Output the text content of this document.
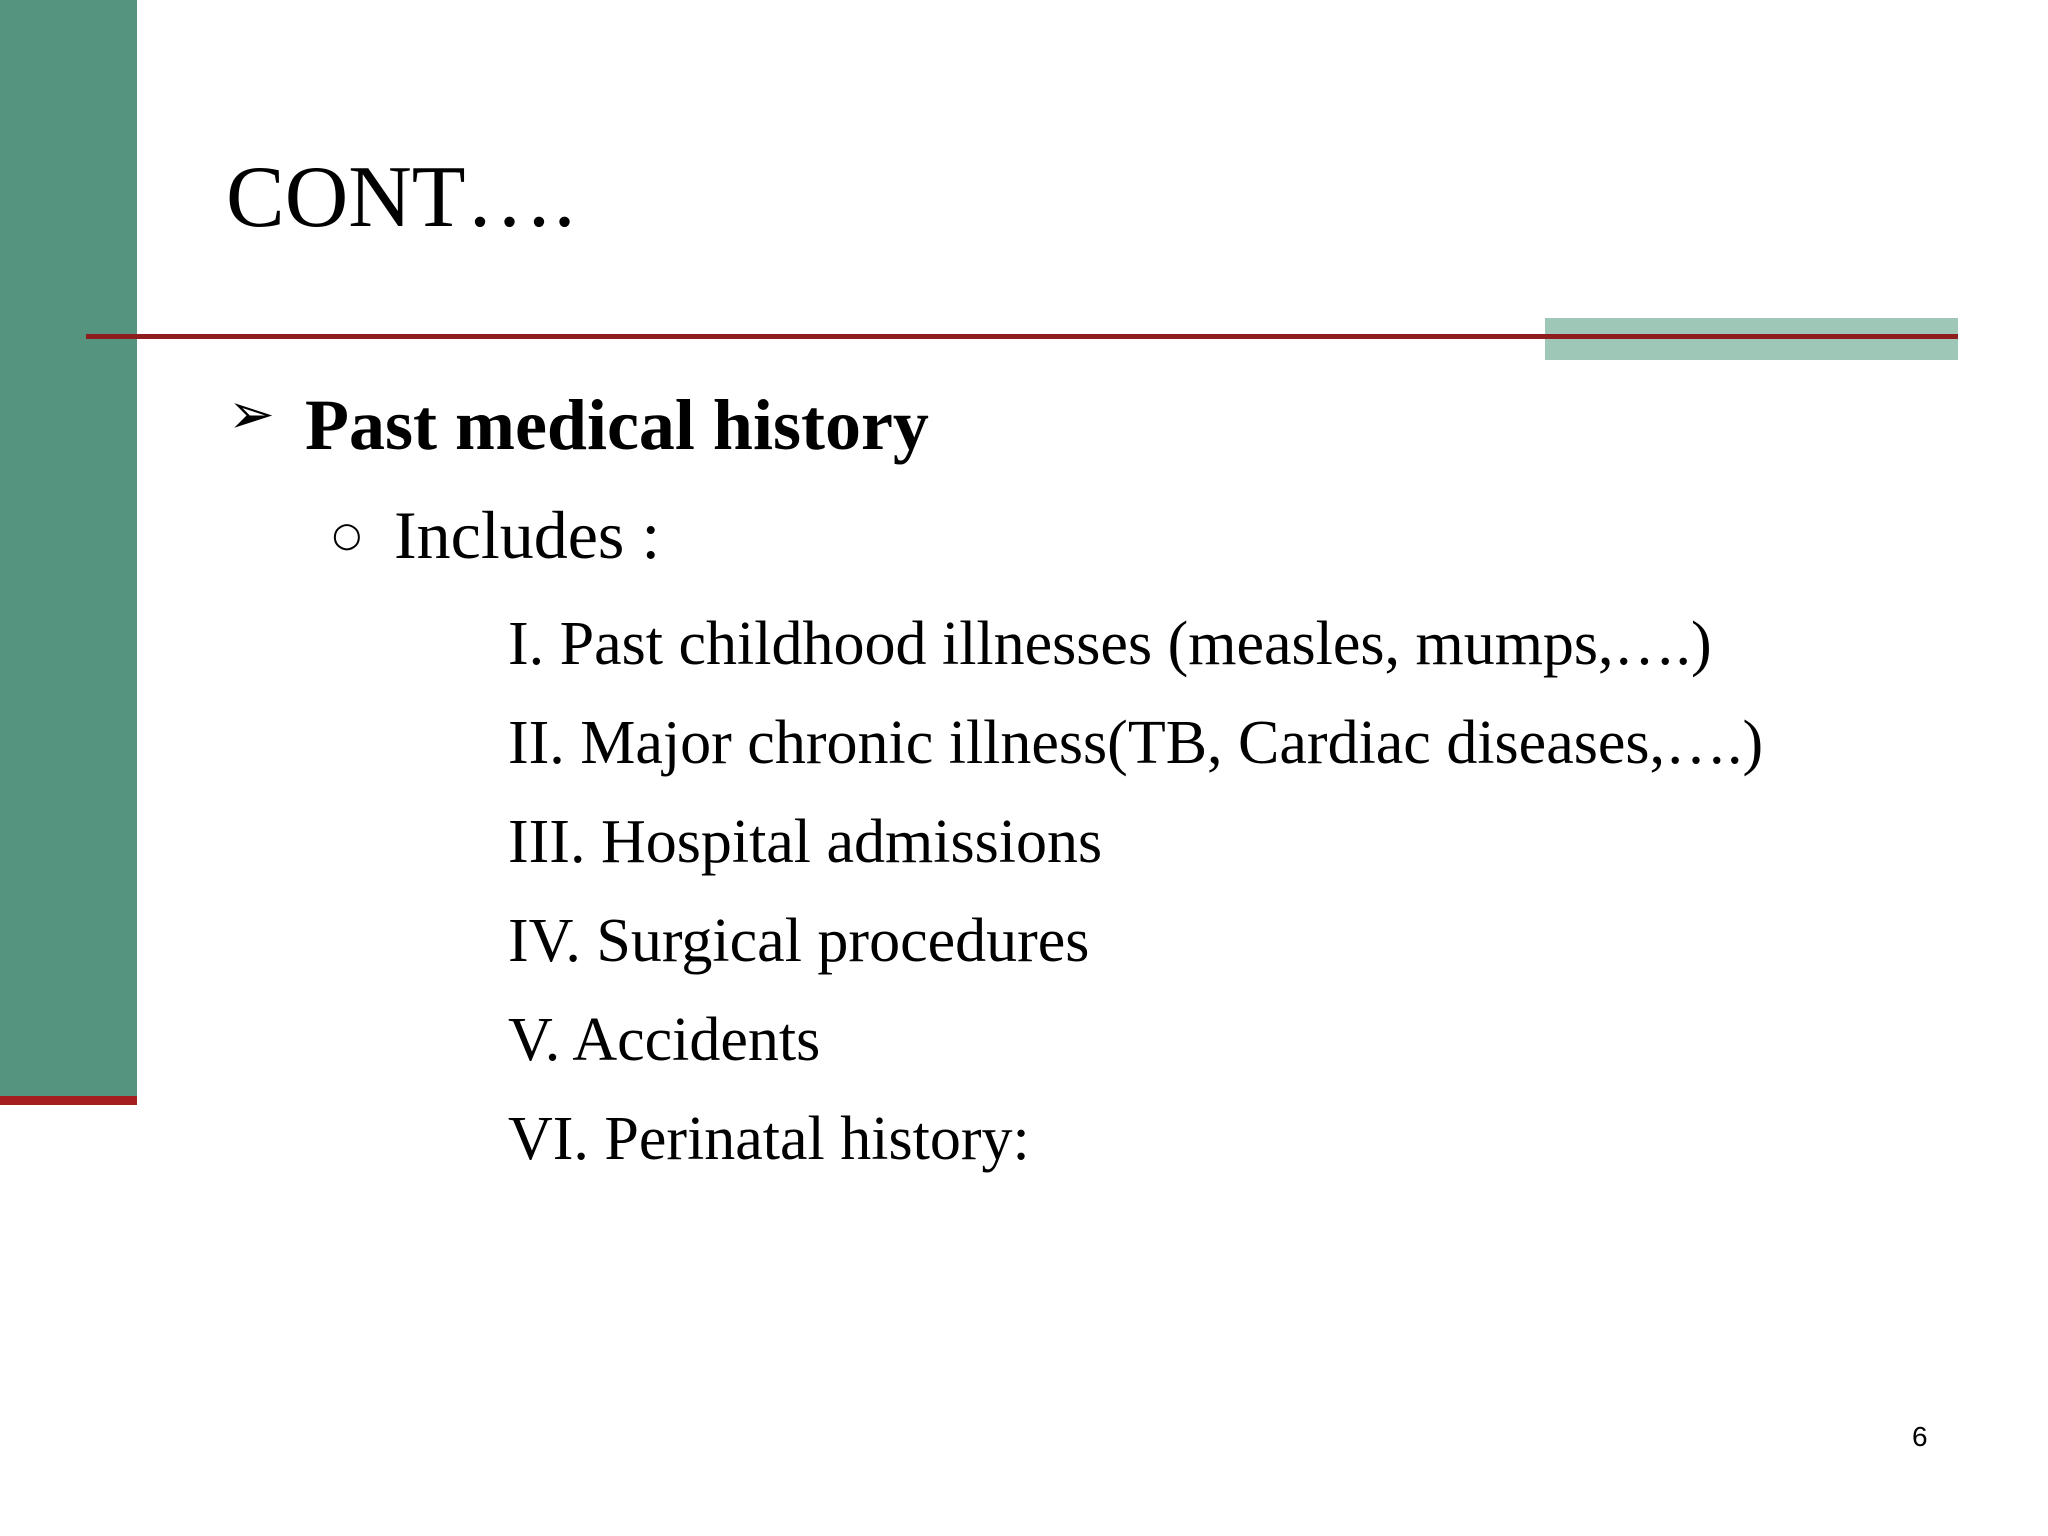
CONT….
➢ Past medical history
○ Includes :
I. Past childhood illnesses (measles, mumps,….)
II. Major chronic illness(TB, Cardiac diseases,….)
III. Hospital admissions
IV. Surgical procedures
V. Accidents
VI. Perinatal history:
6
